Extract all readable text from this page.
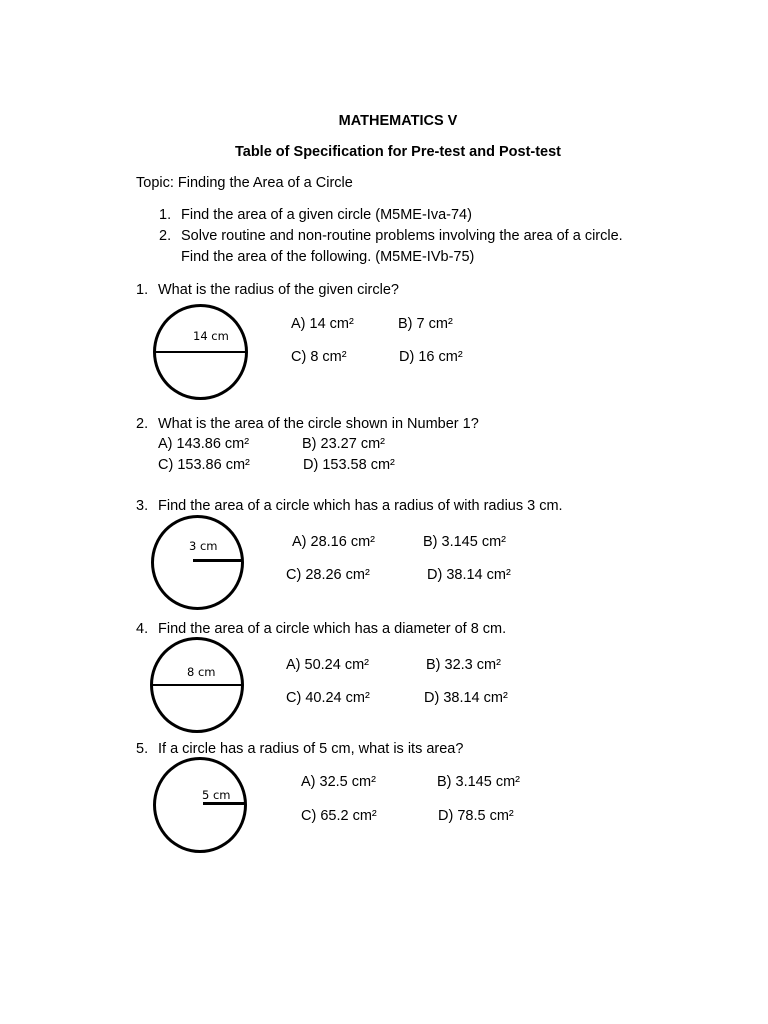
MATHEMATICS V
Table of Specification for Pre-test and Post-test
Topic: Finding the Area of a Circle
1. Find the area of a given circle (M5ME-Iva-74)
2. Solve routine and non-routine problems involving the area of a circle.
Find the area of the following. (M5ME-IVb-75)
1. What is the radius of the given circle?
14 cm
A) 14 cm²	B) 7 cm²
C) 8 cm²	D) 16 cm²
2. What is the area of the circle shown in Number 1?
A) 143.86 cm²	B) 23.27 cm²
C) 153.86 cm²	D) 153.58 cm²
3. Find the area of a circle which has a radius of with radius 3 cm.
3 cm	A) 28.16 cm²	B) 3.145 cm²
C) 28.26 cm²	D) 38.14 cm²
4. Find the area of a circle which has a diameter of 8 cm.
8 cm	A) 50.24 cm²	B) 32.3 cm²
C) 40.24 cm²	D) 38.14 cm²
5. If a circle has a radius of 5 cm, what is its area?
5 cm
A) 32.5 cm²	B) 3.145 cm²
C) 65.2 cm²	D) 78.5 cm²
